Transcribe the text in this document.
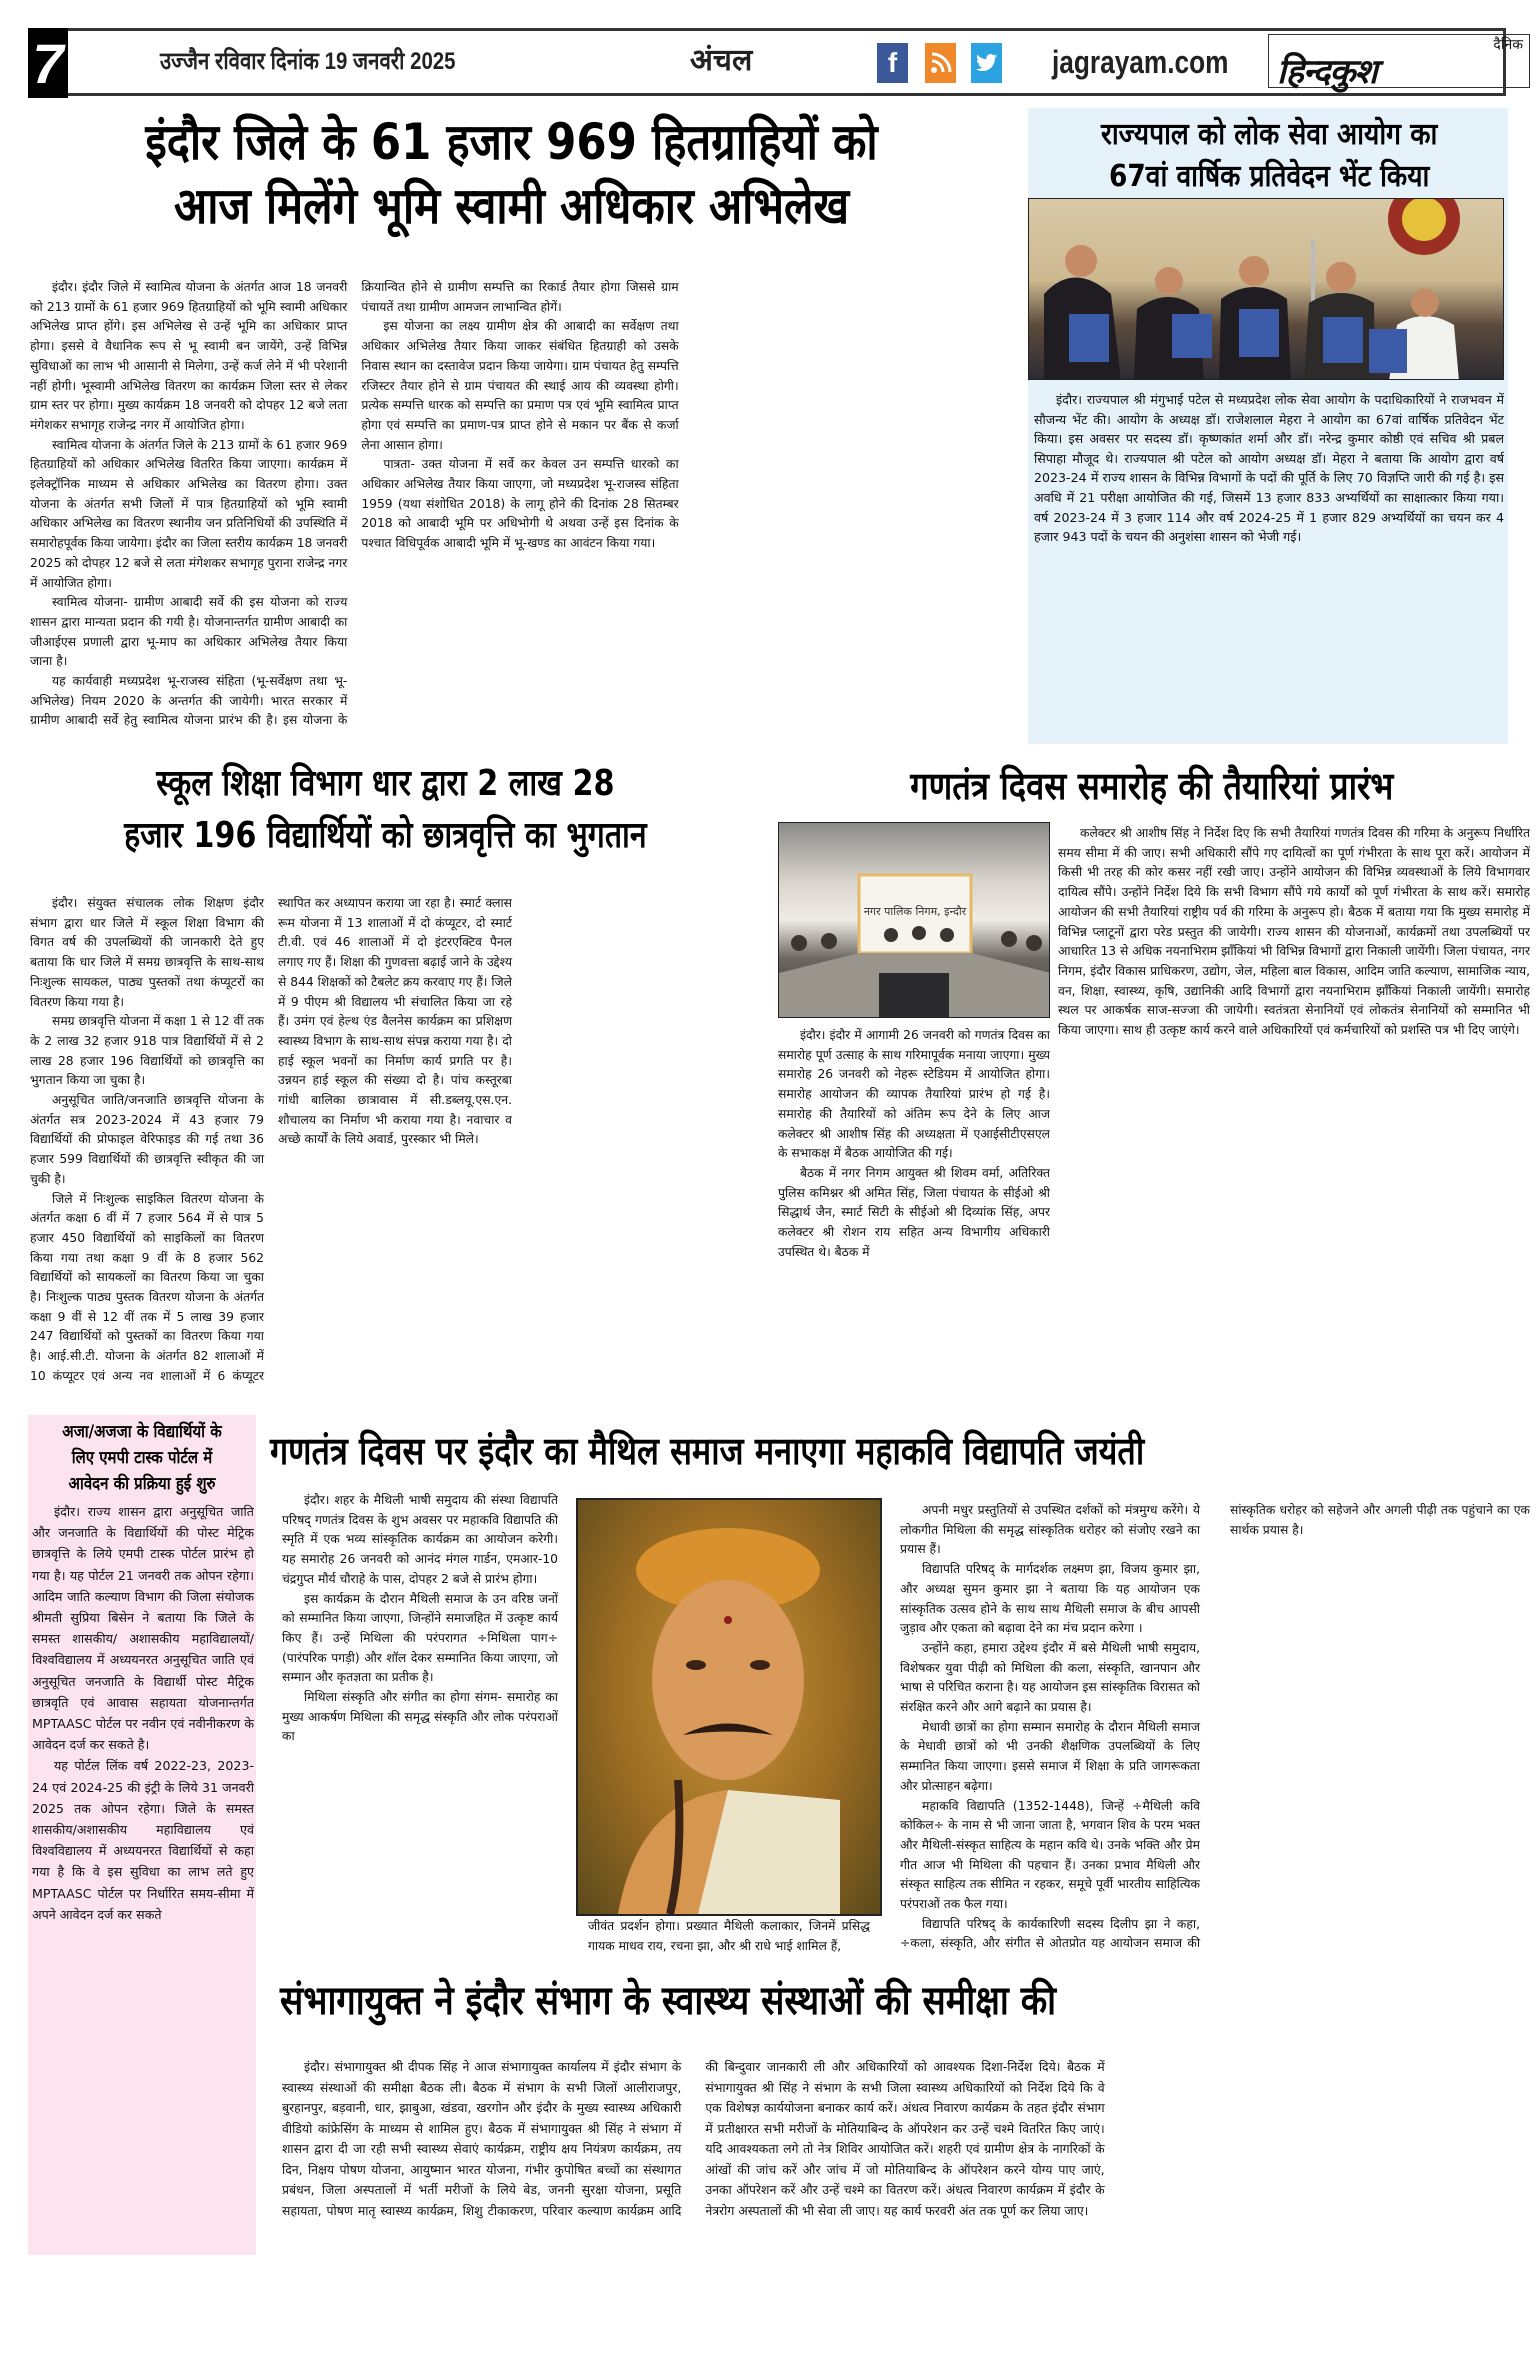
7	उज्जैन रविवार दिनांक 19 जनवरी 2025	अंचल	f	jagrayam.com	दैनिक
हिन्दकुश
इंदौर जिले के 61 हजार 969 हितग्राहियों को
आज मिलेंगे भूमि स्वामी अधिकार अभिलेख

इंदौर। इंदौर जिले में स्वामित्व योजना के अंतर्गत आज 18 जनवरी को 213 ग्रामों के 61 हजार 969 हितग्राहियों को भूमि स्वामी अधिकार अभिलेख प्राप्त होंगे। इस अभिलेख से उन्हें भूमि का अधिकार प्राप्त होगा। इससे वे वैधानिक रूप से भू स्वामी बन जायेंगे, उन्हें विभिन्न सुविधाओं का लाभ भी आसानी से मिलेगा, उन्हें कर्ज लेने में भी परेशानी नहीं होगी। भूस्वामी अभिलेख वितरण का कार्यक्रम जिला स्तर से लेकर ग्राम स्तर पर होगा। मुख्य कार्यक्रम 18 जनवरी को दोपहर 12 बजे लता मंगेशकर सभागृह राजेन्द्र नगर में आयोजित होगा।

स्वामित्व योजना के अंतर्गत जिले के 213 ग्रामों के 61 हजार 969 हितग्राहियों को अधिकार अभिलेख वितरित किया जाएगा। कार्यक्रम में इलेक्ट्रॉनिक माध्यम से अधिकार अभिलेख का वितरण होगा। उक्त योजना के अंतर्गत सभी जिलों में पात्र हितग्राहियों को भूमि स्वामी अधिकार अभिलेख का वितरण स्थानीय जन प्रतिनिधियों की उपस्थिति में समारोहपूर्वक किया जायेगा। इंदौर का जिला स्तरीय कार्यक्रम 18 जनवरी 2025 को दोपहर 12 बजे से लता मंगेशकर सभागृह पुराना राजेन्द्र नगर में आयोजित होगा।

स्वामित्व योजना- ग्रामीण आबादी सर्वे की इस योजना को राज्य शासन द्वारा मान्यता प्रदान की गयी है। योजनान्तर्गत ग्रामीण आबादी का जीआईएस प्रणाली द्वारा भू-माप का अधिकार अभिलेख तैयार किया जाना है।

यह कार्यवाही मध्यप्रदेश भू-राजस्व संहिता (भू-सर्वेक्षण तथा भू-अभिलेख) नियम 2020 के अन्तर्गत की जायेगी। भारत सरकार में ग्रामीण आबादी सर्वे हेतु स्वामित्व योजना प्रारंभ की है। इस योजना के क्रियान्वित होने से ग्रामीण सम्पत्ति का रिकार्ड तैयार होगा जिससे ग्राम पंचायतें तथा ग्रामीण आमजन लाभान्वित होगें।

इस योजना का लक्ष्य ग्रामीण क्षेत्र की आबादी का सर्वेक्षण तथा अधिकार अभिलेख तैयार किया जाकर संबंधित हितग्राही को उसके निवास स्थान का दस्तावेज प्रदान किया जायेगा। ग्राम पंचायत हेतु सम्पत्ति रजिस्टर तैयार होने से ग्राम पंचायत की स्थाई आय की व्यवस्था होगी। प्रत्येक सम्पत्ति धारक को सम्पत्ति का प्रमाण पत्र एवं भूमि स्वामित्व प्राप्त होगा एवं सम्पत्ति का प्रमाण-पत्र प्राप्त होने से मकान पर बैंक से कर्जा लेना आसान होगा।

पात्रता- उक्त योजना में सर्वे कर केवल उन सम्पत्ति धारको का अधिकार अभिलेख तैयार किया जाएगा, जो मध्यप्रदेश भू-राजस्व संहिता 1959 (यथा संशोधित 2018) के लागू होने की दिनांक 28 सितम्बर 2018 को आबादी भूमि पर अधिभोगी थे अथवा उन्हें इस दिनांक के पश्चात विधिपूर्वक आबादी भूमि में भू-खण्ड का आवंटन किया गया।

राज्यपाल को लोक सेवा आयोग का
67वां वार्षिक प्रतिवेदन भेंट किया

इंदौर। राज्यपाल श्री मंगुभाई पटेल से मध्यप्रदेश लोक सेवा आयोग के पदाधिकारियों ने राजभवन में सौजन्य भेंट की। आयोग के अध्यक्ष डॉ। राजेशलाल मेहरा ने आयोग का 67वां वार्षिक प्रतिवेदन भेंट किया। इस अवसर पर सदस्य डॉ। कृष्णकांत शर्मा और डॉ। नरेन्द्र कुमार कोष्ठी एवं सचिव श्री प्रबल सिपाहा मौजूद थे। राज्यपाल श्री पटेल को आयोग अध्यक्ष डॉ। मेहरा ने बताया कि आयोग द्वारा वर्ष 2023-24 में राज्य शासन के विभिन्न विभागों के पदों की पूर्ति के लिए 70 विज्ञप्ति जारी की गई है। इस अवधि में 21 परीक्षा आयोजित की गई, जिसमें 13 हजार 833 अभ्यर्थियों का साक्षात्कार किया गया। वर्ष 2023-24 में 3 हजार 114 और वर्ष 2024-25 में 1 हजार 829 अभ्यर्थियों का चयन कर 4 हजार 943 पदों के चयन की अनुशंसा शासन को भेजी गई।

स्कूल शिक्षा विभाग धार द्वारा 2 लाख 28
हजार 196 विद्यार्थियों को छात्रवृत्ति का भुगतान

इंदौर। संयुक्त संचालक लोक शिक्षण इंदौर संभाग द्वारा धार जिले में स्कूल शिक्षा विभाग की विगत वर्ष की उपलब्धियों की जानकारी देते हुए बताया कि धार जिले में समग्र छात्रवृत्ति के साथ-साथ निःशुल्क सायकल, पाठ्य पुस्तकों तथा कंप्यूटरों का वितरण किया गया है।

समग्र छात्रवृत्ति योजना में कक्षा 1 से 12 वीं तक के 2 लाख 32 हजार 918 पात्र विद्यार्थियों में से 2 लाख 28 हजार 196 विद्यार्थियों को छात्रवृत्ति का भुगतान किया जा चुका है।

अनुसूचित जाति/जनजाति छात्रवृत्ति योजना के अंतर्गत सत्र 2023-2024 में 43 हजार 79 विद्यार्थियों की प्रोफाइल वेरिफाइड की गई तथा 36 हजार 599 विद्यार्थियों की छात्रवृत्ति स्वीकृत की जा चुकी है।

जिले में निःशुल्क साइकिल वितरण योजना के अंतर्गत कक्षा 6 वीं में 7 हजार 564 में से पात्र 5 हजार 450 विद्यार्थियों को साइकिलों का वितरण किया गया तथा कक्षा 9 वीं के 8 हजार 562 विद्यार्थियों को सायकलों का वितरण किया जा चुका है। निःशुल्क पाठ्य पुस्तक वितरण योजना के अंतर्गत कक्षा 9 वीं से 12 वीं तक में 5 लाख 39 हजार 247 विद्यार्थियों को पुस्तकों का वितरण किया गया है। आई.सी.टी. योजना के अंतर्गत 82 शालाओं में 10 कंप्यूटर एवं अन्य नव शालाओं में 6 कंप्यूटर स्थापित कर अध्यापन कराया जा रहा है। स्मार्ट क्लास रूम योजना में 13 शालाओं में दो कंप्यूटर, दो स्मार्ट टी.वी. एवं 46 शालाओं में दो इंटरएक्टिव पैनल लगाए गए हैं। शिक्षा की गुणवत्ता बढ़ाई जाने के उद्देश्य से 844 शिक्षकों को टैबलेट क्रय करवाए गए हैं। जिले में 9 पीएम श्री विद्यालय भी संचालित किया जा रहे हैं। उमंग एवं हेल्थ एंड वैलनेस कार्यक्रम का प्रशिक्षण स्वास्थ्य विभाग के साथ-साथ संपन्न कराया गया है। दो हाई स्कूल भवनों का निर्माण कार्य प्रगति पर है। उन्नयन हाई स्कूल की संख्या दो है। पांच कस्तूरबा गांधी बालिका छात्रावास में सी.डब्लयू.एस.एन. शौचालय का निर्माण भी कराया गया है। नवाचार व अच्छे कार्यों के लिये अवार्ड, पुरस्कार भी मिले।

गणतंत्र दिवस समारोह की तैयारियां प्रारंभ
नगर पालिक निगम, इन्दौर

इंदौर। इंदौर में आगामी 26 जनवरी को गणतंत्र दिवस का समारोह पूर्ण उत्साह के साथ गरिमापूर्वक मनाया जाएगा। मुख्य समारोह 26 जनवरी को नेहरू स्टेडियम में आयोजित होगा। समारोह आयोजन की व्यापक तैयारियां प्रारंभ हो गई है। समारोह की तैयारियों को अंतिम रूप देने के लिए आज कलेक्टर श्री आशीष सिंह की अध्यक्षता में एआईसीटीएसएल के सभाकक्ष में बैठक आयोजित की गई।

बैठक में नगर निगम आयुक्त श्री शिवम वर्मा, अतिरिक्त पुलिस कमिश्नर श्री अमित सिंह, जिला पंचायत के सीईओ श्री सिद्धार्थ जैन, स्मार्ट सिटी के सीईओ श्री दिव्यांक सिंह, अपर कलेक्टर श्री रोशन राय सहित अन्य विभागीय अधिकारी उपस्थित थे। बैठक में

कलेक्टर श्री आशीष सिंह ने निर्देश दिए कि सभी तैयारियां गणतंत्र दिवस की गरिमा के अनुरूप निर्धारित समय सीमा में की जाए। सभी अधिकारी सौंपे गए दायित्वों का पूर्ण गंभीरता के साथ पूरा करें। आयोजन में किसी भी तरह की कोर कसर नहीं रखी जाए। उन्होंने आयोजन की विभिन्न व्यवस्थाओं के लिये विभागवार दायित्व सौंपे। उन्होंने निर्देश दिये कि सभी विभाग सौंपे गये कार्यों को पूर्ण गंभीरता के साथ करें। समारोह आयोजन की सभी तैयारियां राष्ट्रीय पर्व की गरिमा के अनुरूप हो। बैठक में बताया गया कि मुख्य समारोह में विभिन्न प्लाटूनों द्वारा परेड प्रस्तुत की जायेगी। राज्य शासन की योजनाओं, कार्यक्रमों तथा उपलब्धियों पर आधारित 13 से अधिक नयनाभिराम झाँकियां भी विभिन्न विभागों द्वारा निकाली जायेंगी। जिला पंचायत, नगर निगम, इंदौर विकास प्राधिकरण, उद्योग, जेल, महिला बाल विकास, आदिम जाति कल्याण, सामाजिक न्याय, वन, शिक्षा, स्वास्थ्य, कृषि, उद्यानिकी आदि विभागों द्वारा नयनाभिराम झाँकियां निकाली जायेंगी। समारोह स्थल पर आकर्षक साज-सज्जा की जायेगी। स्वतंत्रता सेनानियों एवं लोकतंत्र सेनानियों को सम्मानित भी किया जाएगा। साथ ही उत्कृष्ट कार्य करने वाले अधिकारियों एवं कर्मचारियों को प्रशस्ति पत्र भी दिए जाएंगे।

अजा/अजजा के विद्यार्थियों के
लिए एमपी टास्क पोर्टल में
आवेदन की प्रक्रिया हुई शुरु

इंदौर। राज्य शासन द्वारा अनुसूचित जाति और जनजाति के विद्यार्थियों की पोस्ट मेट्रिक छात्रवृत्ति के लिये एमपी टास्क पोर्टल प्रारंभ हो गया है। यह पोर्टल 21 जनवरी तक ओपन रहेगा। आदिम जाति कल्याण विभाग की जिला संयोजक श्रीमती सुप्रिया बिसेन ने बताया कि जिले के समस्त शासकीय/ अशासकीय महाविद्यालयों/ विश्वविद्यालय में अध्ययनरत अनुसूचित जाति एवं अनुसूचित जनजाति के विद्यार्थी पोस्ट मैट्रिक छात्रवृति एवं आवास सहायता योजनान्तर्गत MPTAASC पोर्टल पर नवीन एवं नवीनीकरण के आवेदन दर्ज कर सकते है।

यह पोर्टल लिंक वर्ष 2022-23, 2023-24 एवं 2024-25 की इंट्री के लिये 31 जनवरी 2025 तक ओपन रहेगा। जिले के समस्त शासकीय/अशासकीय महाविद्यालय एवं विश्वविद्यालय में अध्ययनरत विद्यार्थियों से कहा गया है कि वे इस सुविधा का लाभ लते हुए MPTAASC पोर्टल पर निर्धारित समय-सीमा में अपने आवेदन दर्ज कर सकते

गणतंत्र दिवस पर इंदौर का मैथिल समाज मनाएगा महाकवि विद्यापति जयंती

इंदौर। शहर के मैथिली भाषी समुदाय की संस्था विद्यापति परिषद् गणतंत्र दिवस के शुभ अवसर पर महाकवि विद्यापति की स्मृति में एक भव्य सांस्कृतिक कार्यक्रम का आयोजन करेगी। यह समारोह 26 जनवरी को आनंद मंगल गार्डन, एमआर-10 चंद्रगुप्त मौर्य चौराहे के पास, दोपहर 2 बजे से प्रारंभ होगा।

इस कार्यक्रम के दौरान मैथिली समाज के उन वरिष्ठ जनों को सम्मानित किया जाएगा, जिन्होंने समाजहित में उत्कृष्ट कार्य किए हैं। उन्हें मिथिला की परंपरागत ÷मिथिला पाग÷ (पारंपरिक पगड़ी) और शॉल देकर सम्मानित किया जाएगा, जो सम्मान और कृतज्ञता का प्रतीक है।

मिथिला संस्कृति और संगीत का होगा संगम- समारोह का मुख्य आकर्षण मिथिला की समृद्ध संस्कृति और लोक परंपराओं का

जीवंत प्रदर्शन होगा। प्रख्यात मैथिली कलाकार, जिनमें प्रसिद्ध गायक माधव राय, रचना झा, और श्री राधे भाई शामिल हैं,

अपनी मधुर प्रस्तुतियों से उपस्थित दर्शकों को मंत्रमुग्ध करेंगे। ये लोकगीत मिथिला की समृद्ध सांस्कृतिक धरोहर को संजोए रखने का प्रयास हैं।

विद्यापति परिषद् के मार्गदर्शक लक्ष्मण झा, विजय कुमार झा, और अध्यक्ष सुमन कुमार झा ने बताया कि यह आयोजन एक सांस्कृतिक उत्सव होने के साथ साथ मैथिली समाज के बीच आपसी जुड़ाव और एकता को बढ़ावा देने का मंच प्रदान करेगा ।

उन्होंने कहा, हमारा उद्देश्य इंदौर में बसे मैथिली भाषी समुदाय, विशेषकर युवा पीढ़ी को मिथिला की कला, संस्कृति, खानपान और भाषा से परिचित कराना है। यह आयोजन इस सांस्कृतिक विरासत को संरक्षित करने और आगे बढ़ाने का प्रयास है।

मेधावी छात्रों का होगा सम्मान समारोह के दौरान मैथिली समाज के मेधावी छात्रों को भी उनकी शैक्षणिक उपलब्धियों के लिए सम्मानित किया जाएगा। इससे समाज में शिक्षा के प्रति जागरूकता और प्रोत्साहन बढ़ेगा।

महाकवि विद्यापति (1352-1448), जिन्हें ÷मैथिली कवि कोकिल÷ के नाम से भी जाना जाता है, भगवान शिव के परम भक्त और मैथिली-संस्कृत साहित्य के महान कवि थे। उनके भक्ति और प्रेम गीत आज भी मिथिला की पहचान हैं। उनका प्रभाव मैथिली और संस्कृत साहित्य तक सीमित न रहकर, समूचे पूर्वी भारतीय साहित्यिक परंपराओं तक फैल गया।

विद्यापति परिषद् के कार्यकारिणी सदस्य दिलीप झा ने कहा, ÷कला, संस्कृति, और संगीत से ओतप्रोत यह आयोजन समाज की सांस्कृतिक धरोहर को सहेजने और अगली पीढ़ी तक पहुंचाने का एक सार्थक प्रयास है।

संभागायुक्त ने इंदौर संभाग के स्वास्थ्य संस्थाओं की समीक्षा की

इंदौर। संभागायुक्त श्री दीपक सिंह ने आज संभागायुक्त कार्यालय में इंदौर संभाग के स्वास्थ्य संस्थाओं की समीक्षा बैठक ली। बैठक में संभाग के सभी जिलों आलीराजपुर, बुरहानपुर, बड़वानी, धार, झाबुआ, खंडवा, खरगोन और इंदौर के मुख्य स्वास्थ्य अधिकारी वीडियो कांफ्रेसिंग के माध्यम से शामिल हुए। बैठक में संभागायुक्त श्री सिंह ने संभाग में शासन द्वारा दी जा रही सभी स्वास्थ्य सेवाएं कार्यक्रम, राष्ट्रीय क्षय नियंत्रण कार्यक्रम, तय दिन, निक्षय पोषण योजना, आयुष्मान भारत योजना, गंभीर कुपोषित बच्चों का संस्थागत प्रबंधन, जिला अस्पतालों में भर्ती मरीजों के लिये बेड, जननी सुरक्षा योजना, प्रसूति सहायता, पोषण मातृ स्वास्थ्य कार्यक्रम, शिशु टीकाकरण, परिवार कल्याण कार्यक्रम आदि की बिन्दुवार जानकारी ली और अधिकारियों को आवश्यक दिशा-निर्देश दिये। बैठक में संभागायुक्त श्री सिंह ने संभाग के सभी जिला स्वास्थ्य अधिकारियों को निर्देश दिये कि वे एक विशेषज्ञ कार्ययोजना बनाकर कार्य करें। अंधत्व निवारण कार्यक्रम के तहत इंदौर संभाग में प्रतीक्षारत सभी मरीजों के मोतियाबिन्द के ऑपरेशन कर उन्हें चश्मे वितरित किए जाएं। यदि आवश्यकता लगे तो नेत्र शिविर आयोजित करें। शहरी एवं ग्रामीण क्षेत्र के नागरिकों के आंखों की जांच करें और जांच में जो मोतियाबिन्द के ऑपरेशन करने योग्य पाए जाएं, उनका ऑपरेशन करें और उन्हें चश्मे का वितरण करें। अंधत्व निवारण कार्यक्रम में इंदौर के नेत्ररोग अस्पतालों की भी सेवा ली जाए। यह कार्य फरवरी अंत तक पूर्ण कर लिया जाए।
